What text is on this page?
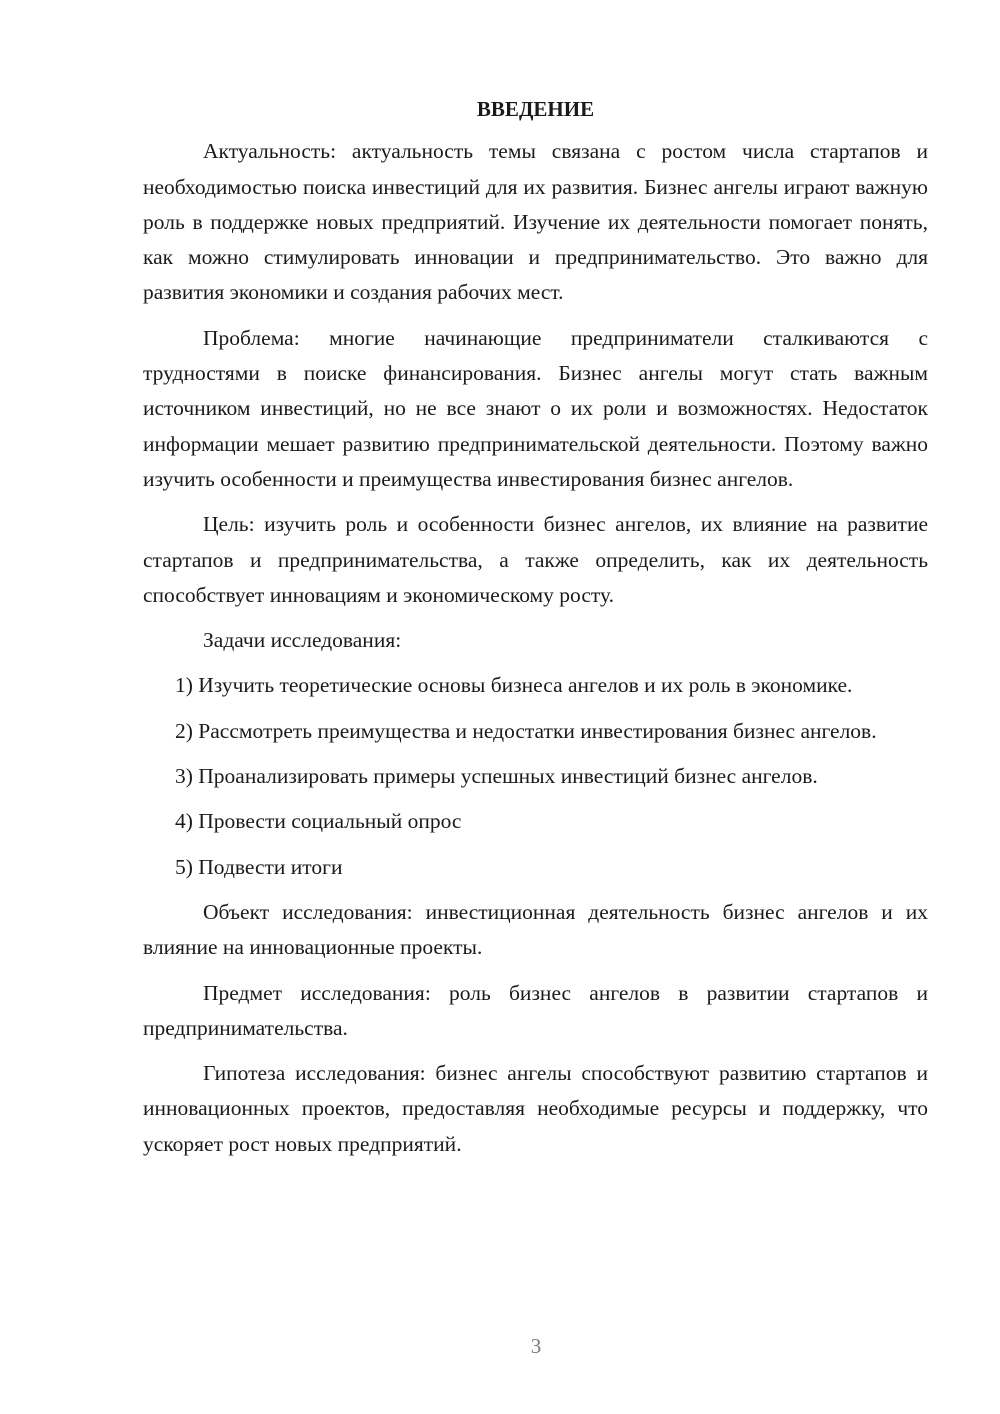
ВВЕДЕНИЕ

Актуальность: актуальность темы связана с ростом числа стартапов и необходимостью поиска инвестиций для их развития. Бизнес ангелы играют важную роль в поддержке новых предприятий. Изучение их деятельности помогает понять, как можно стимулировать инновации и предпринимательство. Это важно для развития экономики и создания рабочих мест.

Проблема: многие начинающие предприниматели сталкиваются с трудностями в поиске финансирования. Бизнес ангелы могут стать важным источником инвестиций, но не все знают о их роли и возможностях. Недостаток информации мешает развитию предпринимательской деятельности. Поэтому важно изучить особенности и преимущества инвестирования бизнес ангелов.

Цель: изучить роль и особенности бизнес ангелов, их влияние на развитие стартапов и предпринимательства, а также определить, как их деятельность способствует инновациям и экономическому росту.

Задачи исследования:

1) Изучить теоретические основы бизнеса ангелов и их роль в экономике.

2) Рассмотреть преимущества и недостатки инвестирования бизнес ангелов.

3) Проанализировать примеры успешных инвестиций бизнес ангелов.

4) Провести социальный опрос

5) Подвести итоги

Объект исследования: инвестиционная деятельность бизнес ангелов и их влияние на инновационные проекты.

Предмет исследования: роль бизнес ангелов в развитии стартапов и предпринимательства.

Гипотеза исследования: бизнес ангелы способствуют развитию стартапов и инновационных проектов, предоставляя необходимые ресурсы и поддержку, что ускоряет рост новых предприятий.

3
